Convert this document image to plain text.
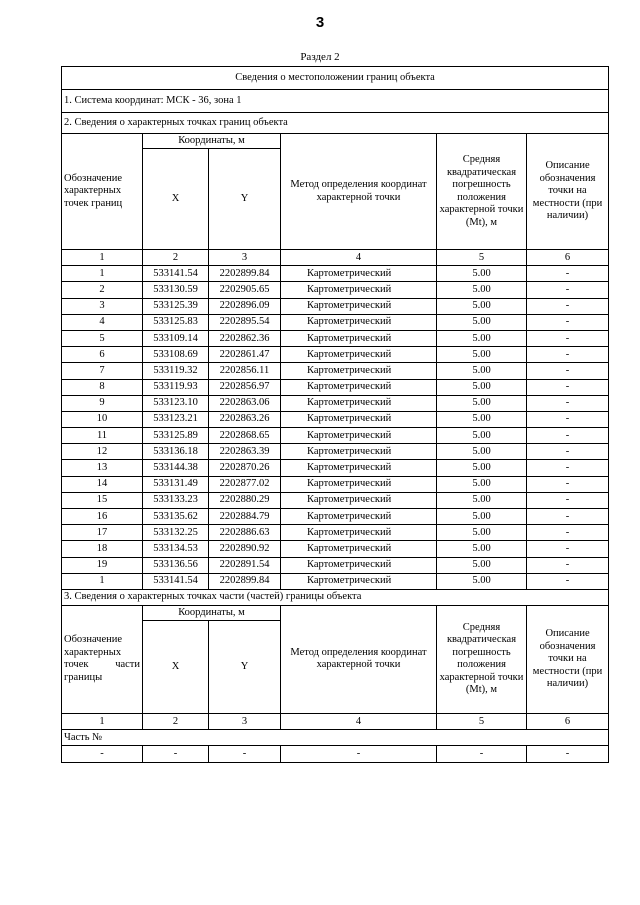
3
Раздел 2
Сведения о местоположении границ объекта					
1. Система координат: МСК - 36, зона 1					
2. Сведения о характерных точках границ объекта					
Обозначение характерных точек границ	Координаты, м		Метод определения координат характерной точки	Средняя квадратическая погрешность положения характерной точки (Mt), м	Описание обозначения точки на местности (при наличии)
	X	Y			
1	2	3	4	5	6
1	533141.54	2202899.84	Картометрический	5.00	-
2	533130.59	2202905.65	Картометрический	5.00	-
3	533125.39	2202896.09	Картометрический	5.00	-
4	533125.83	2202895.54	Картометрический	5.00	-
5	533109.14	2202862.36	Картометрический	5.00	-
6	533108.69	2202861.47	Картометрический	5.00	-
7	533119.32	2202856.11	Картометрический	5.00	-
8	533119.93	2202856.97	Картометрический	5.00	-
9	533123.10	2202863.06	Картометрический	5.00	-
10	533123.21	2202863.26	Картометрический	5.00	-
11	533125.89	2202868.65	Картометрический	5.00	-
12	533136.18	2202863.39	Картометрический	5.00	-
13	533144.38	2202870.26	Картометрический	5.00	-
14	533131.49	2202877.02	Картометрический	5.00	-
15	533133.23	2202880.29	Картометрический	5.00	-
16	533135.62	2202884.79	Картометрический	5.00	-
17	533132.25	2202886.63	Картометрический	5.00	-
18	533134.53	2202890.92	Картометрический	5.00	-
19	533136.56	2202891.54	Картометрический	5.00	-
1	533141.54	2202899.84	Картометрический	5.00	-
3. Сведения о характерных точках части (частей) границы объекта					
Обозначение характерных точек части границы	Координаты, м		Метод определения координат характерной точки	Средняя квадратическая погрешность положения характерной точки (Mt), м	Описание обозначения точки на местности (при наличии)
	X	Y			
1	2	3	4	5	6
Часть №					
-	-	-	-	-	-
